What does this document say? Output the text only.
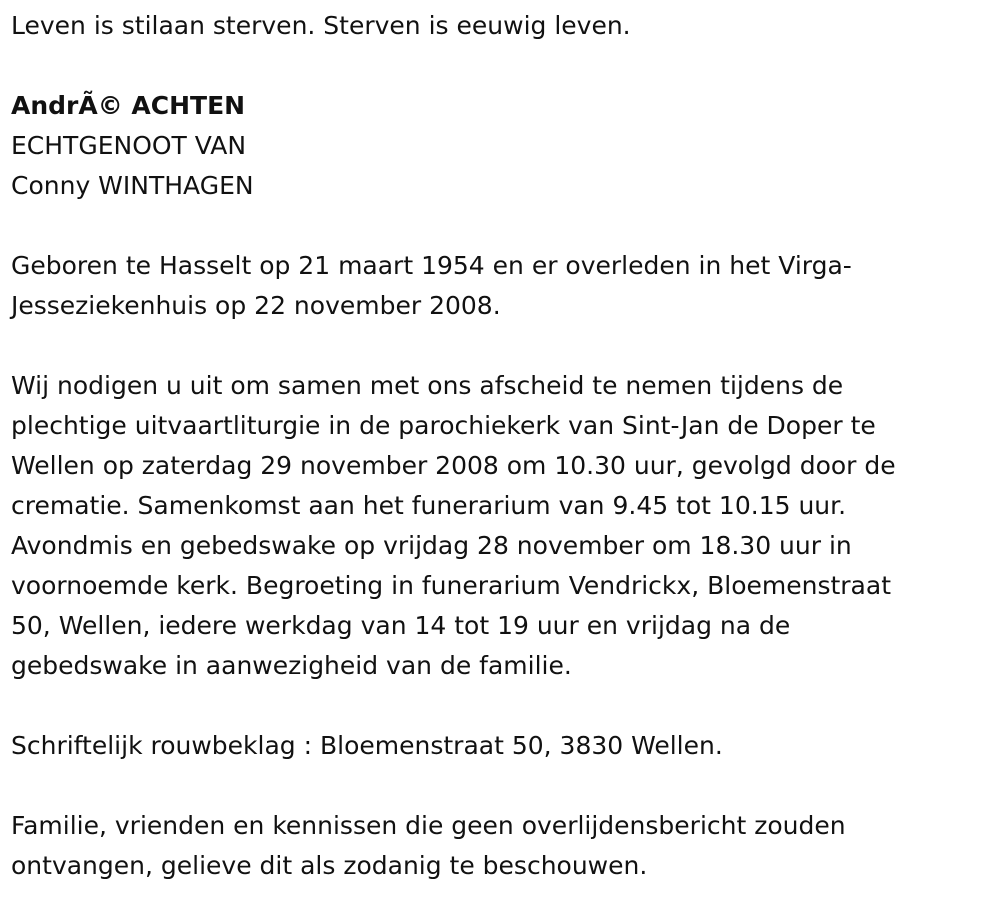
Leven is stilaan sterven. Sterven is eeuwig leven.
AndrÃ© ACHTEN
ECHTGENOOT VAN
Conny WINTHAGEN
Geboren te Hasselt op 21 maart 1954 en er overleden in het Virga-
Jesseziekenhuis op 22 november 2008.
Wij nodigen u uit om samen met ons afscheid te nemen tijdens de
plechtige uitvaartliturgie in de parochiekerk van Sint-Jan de Doper te
Wellen op zaterdag 29 november 2008 om 10.30 uur, gevolgd door de
crematie. Samenkomst aan het funerarium van 9.45 tot 10.15 uur.
Avondmis en gebedswake op vrijdag 28 november om 18.30 uur in
voornoemde kerk. Begroeting in funerarium Vendrickx, Bloemenstraat
50, Wellen, iedere werkdag van 14 tot 19 uur en vrijdag na de
gebedswake in aanwezigheid van de familie.
Schriftelijk rouwbeklag : Bloemenstraat 50, 3830 Wellen.
Familie, vrienden en kennissen die geen overlijdensbericht zouden
ontvangen, gelieve dit als zodanig te beschouwen.
